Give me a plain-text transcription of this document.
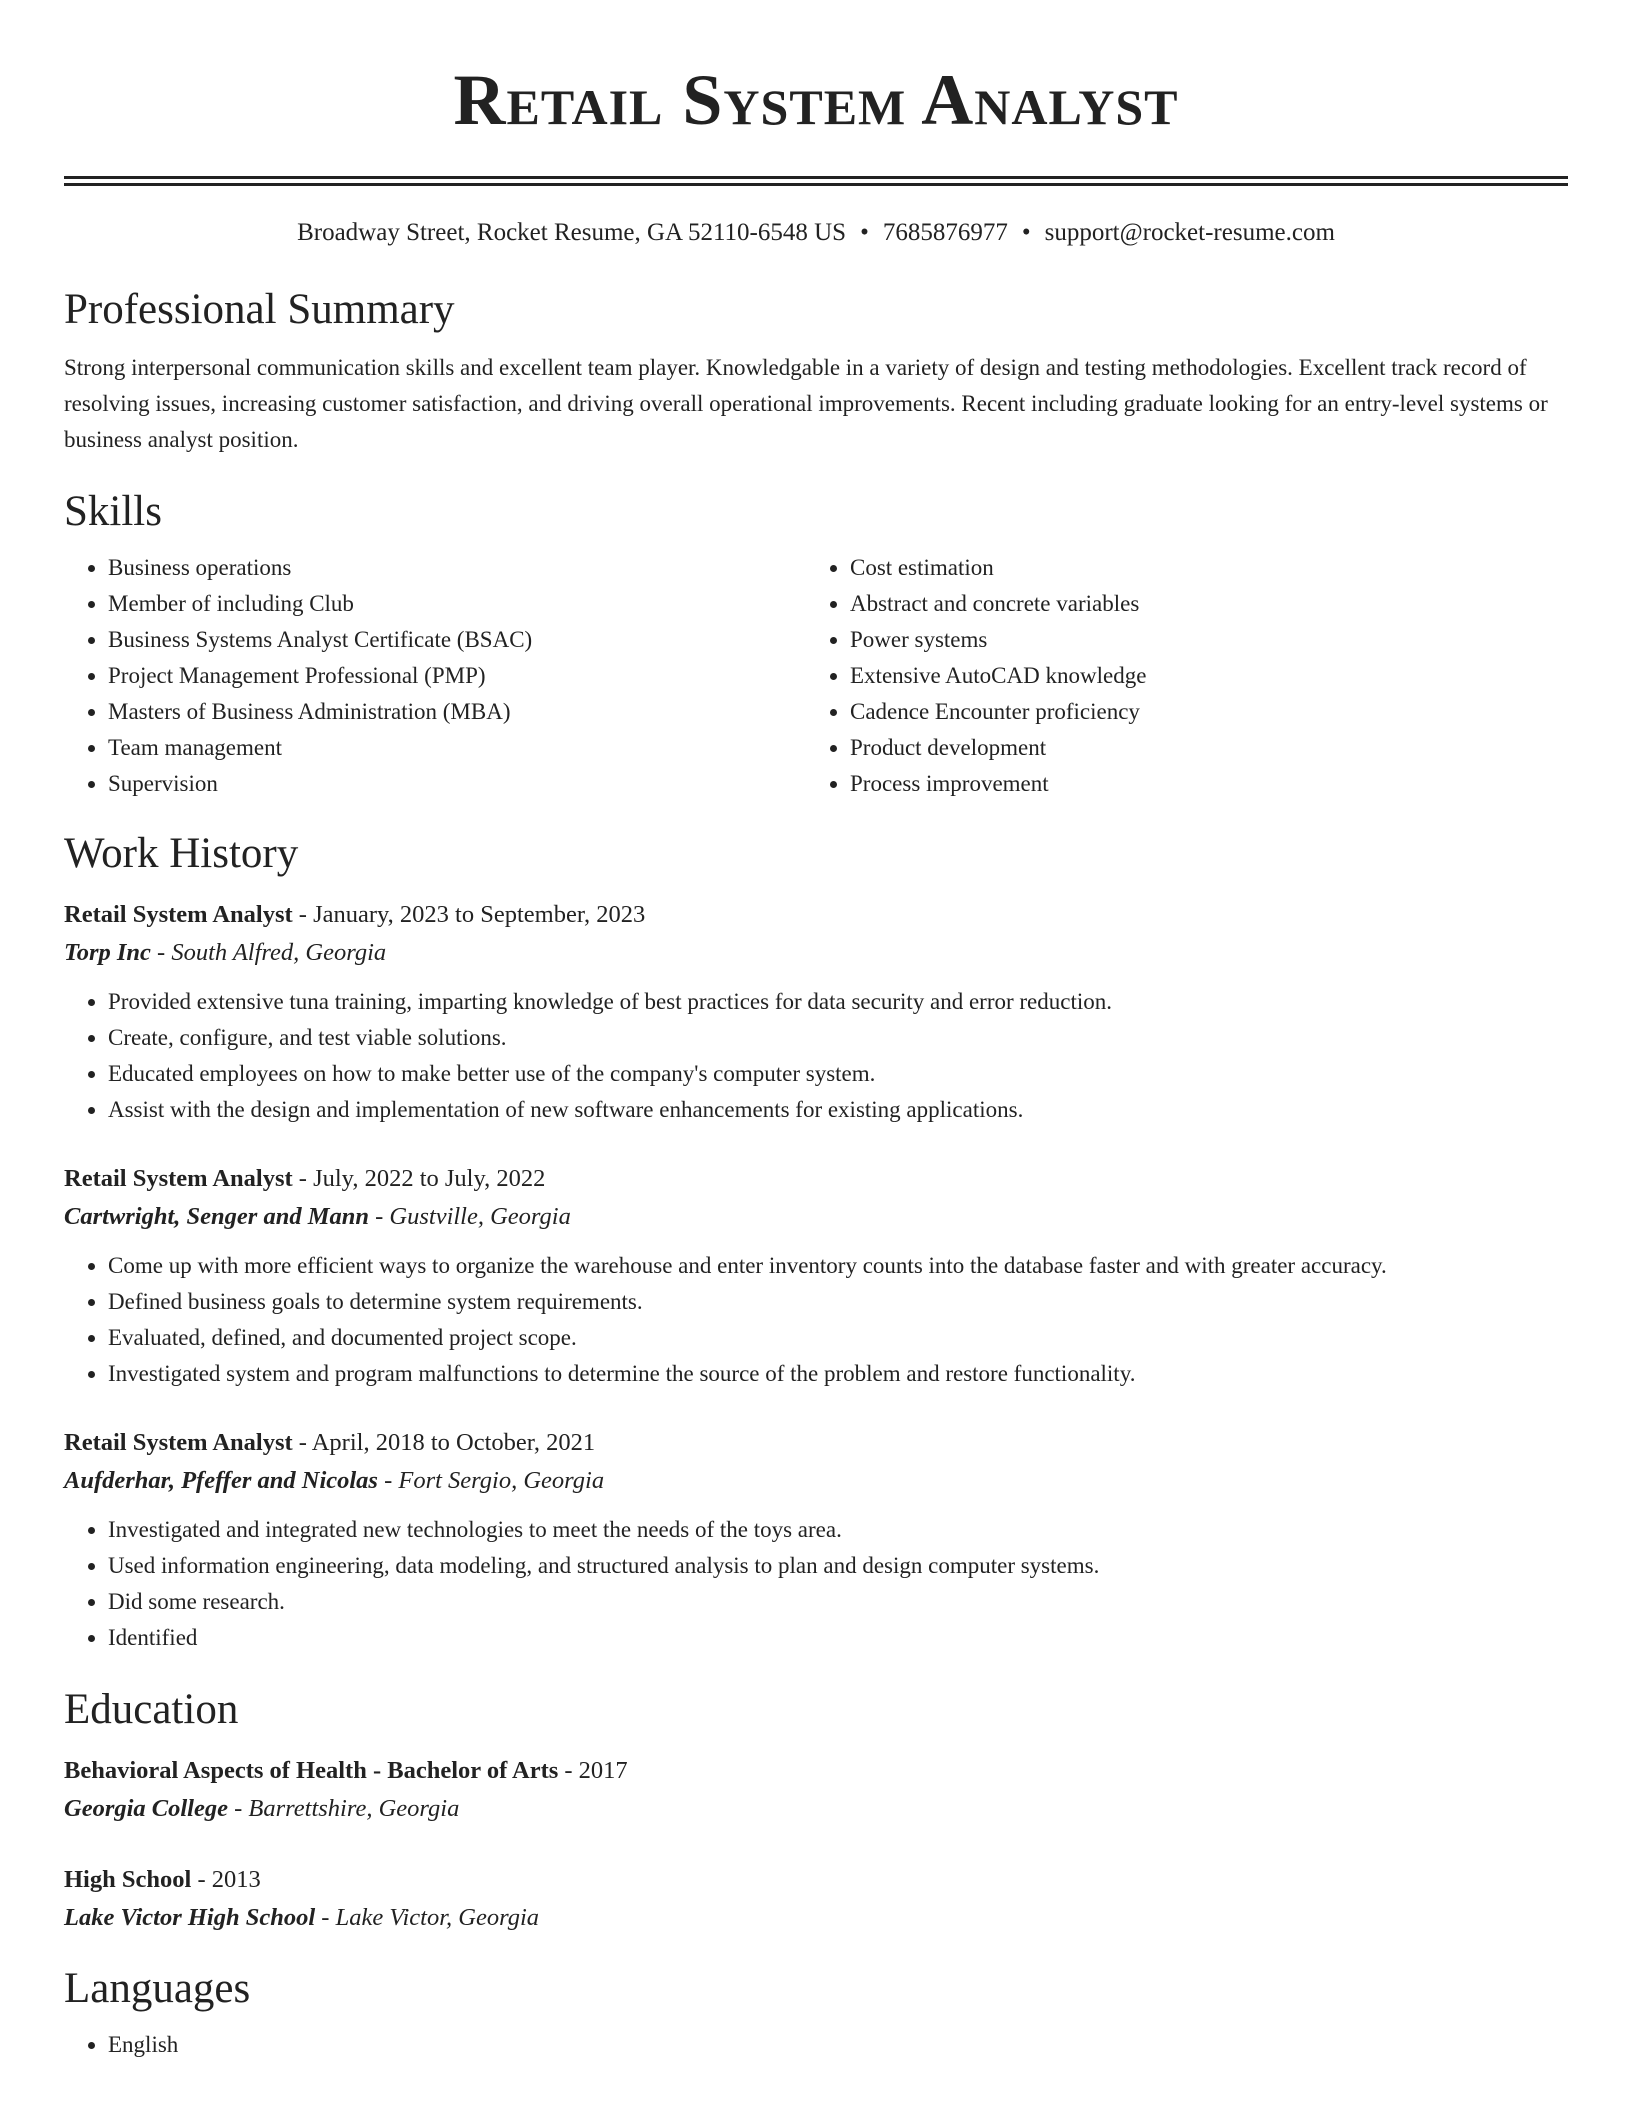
Retail System Analyst
Broadway Street, Rocket Resume, GA 52110-6548 US • 7685876977 • support@rocket-resume.com
Professional Summary

Strong interpersonal communication skills and excellent team player. Knowledgable in a variety of design and testing methodologies. Excellent track record of resolving issues, increasing customer satisfaction, and driving overall operational improvements. Recent including graduate looking for an entry-level systems or business analyst position.

Skills
• Business operations
• Member of including Club
• Business Systems Analyst Certificate (BSAC)
• Project Management Professional (PMP)
• Masters of Business Administration (MBA)
• Team management
• Supervision
• Cost estimation
• Abstract and concrete variables
• Power systems
• Extensive AutoCAD knowledge
• Cadence Encounter proficiency
• Product development
• Process improvement
Work History
Retail System Analyst - January, 2023 to September, 2023
Torp Inc - South Alfred, Georgia
• Provided extensive tuna training, imparting knowledge of best practices for data security and error reduction.
• Create, configure, and test viable solutions.
• Educated employees on how to make better use of the company's computer system.
• Assist with the design and implementation of new software enhancements for existing applications.
Retail System Analyst - July, 2022 to July, 2022
Cartwright, Senger and Mann - Gustville, Georgia
• Come up with more efficient ways to organize the warehouse and enter inventory counts into the database faster and with greater accuracy.
• Defined business goals to determine system requirements.
• Evaluated, defined, and documented project scope.
• Investigated system and program malfunctions to determine the source of the problem and restore functionality.
Retail System Analyst - April, 2018 to October, 2021
Aufderhar, Pfeffer and Nicolas - Fort Sergio, Georgia
• Investigated and integrated new technologies to meet the needs of the toys area.
• Used information engineering, data modeling, and structured analysis to plan and design computer systems.
• Did some research.
• Identified
Education
Behavioral Aspects of Health - Bachelor of Arts - 2017
Georgia College - Barrettshire, Georgia
High School - 2013
Lake Victor High School - Lake Victor, Georgia
Languages
• English
